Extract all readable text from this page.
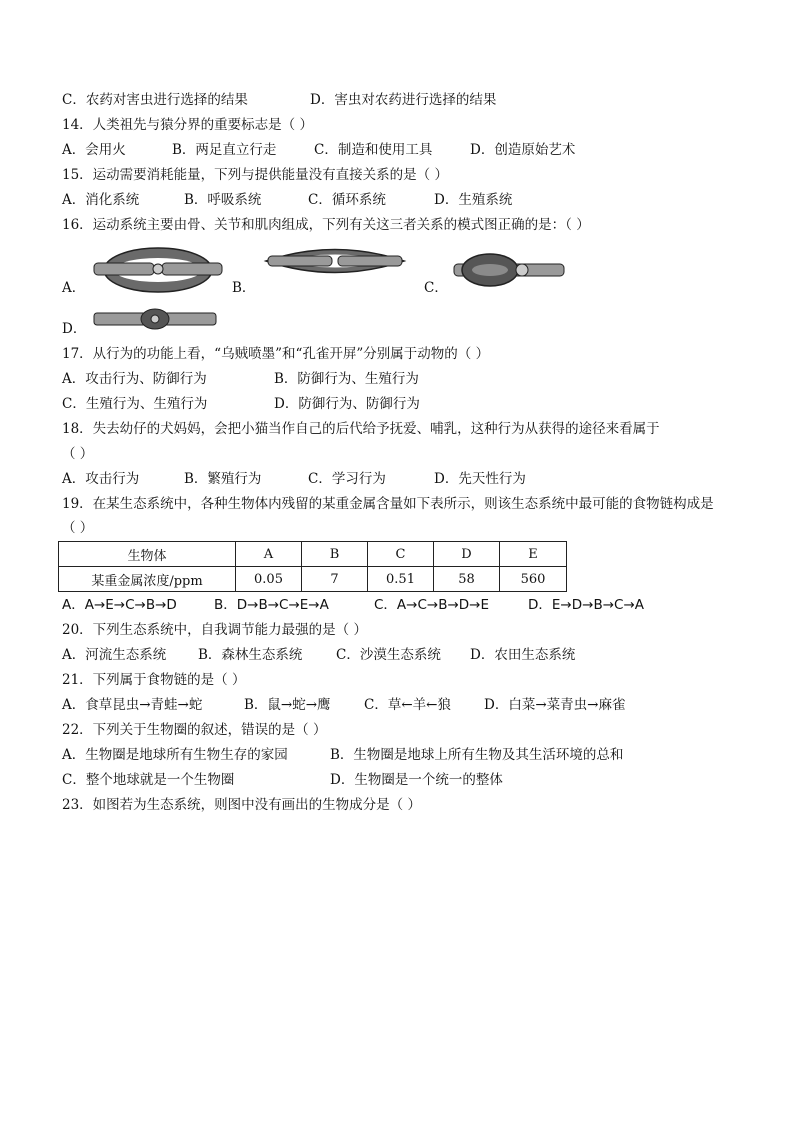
C．农药对害虫进行选择的结果	D．害虫对农药进行选择的结果
14．人类祖先与猿分界的重要标志是（ ）
A．会用火	B．两足直立行走	C．制造和使用工具	D．创造原始艺术
15．运动需要消耗能量，下列与提供能量没有直接关系的是（ ）
A．消化系统	B．呼吸系统	C．循环系统	D．生殖系统
16．运动系统主要由骨、关节和肌肉组成，下列有关这三者关系的模式图正确的是：（ ）
A．	B．	C．
D．
17．从行为的功能上看，“乌贼喷墨”和“孔雀开屏”分别属于动物的（ ）
A．攻击行为、防御行为	B．防御行为、生殖行为
C．生殖行为、生殖行为	D．防御行为、防御行为
18．失去幼仔的犬妈妈，会把小猫当作自己的后代给予抚爱、哺乳，这种行为从获得的途径来看属于
（ ）
A．攻击行为	B．繁殖行为	C．学习行为	D．先天性行为
19．在某生态系统中，各种生物体内残留的某重金属含量如下表所示，则该生态系统中最可能的食物链构成是
（ ）
生物体	A	B	C	D	E
某重金属浓度/ppm	0.05	7	0.51	58	560
A．A→E→C→B→D	B．D→B→C→E→A	C．A→C→B→D→E	D．E→D→B→C→A
20．下列生态系统中，自我调节能力最强的是（ ）
A．河流生态系统 B．森林生态系统 C．沙漠生态系统 D．农田生态系统
21．下列属于食物链的是（ ）
A．食草昆虫→青蛙→蛇	B．鼠→蛇→鹰 C．草←羊←狼 D．白菜→菜青虫→麻雀
22．下列关于生物圈的叙述，错误的是（ ）
A．生物圈是地球所有生物生存的家园	B．生物圈是地球上所有生物及其生活环境的总和
C．整个地球就是一个生物圈	D．生物圈是一个统一的整体
23．如图若为生态系统，则图中没有画出的生物成分是（ ）
